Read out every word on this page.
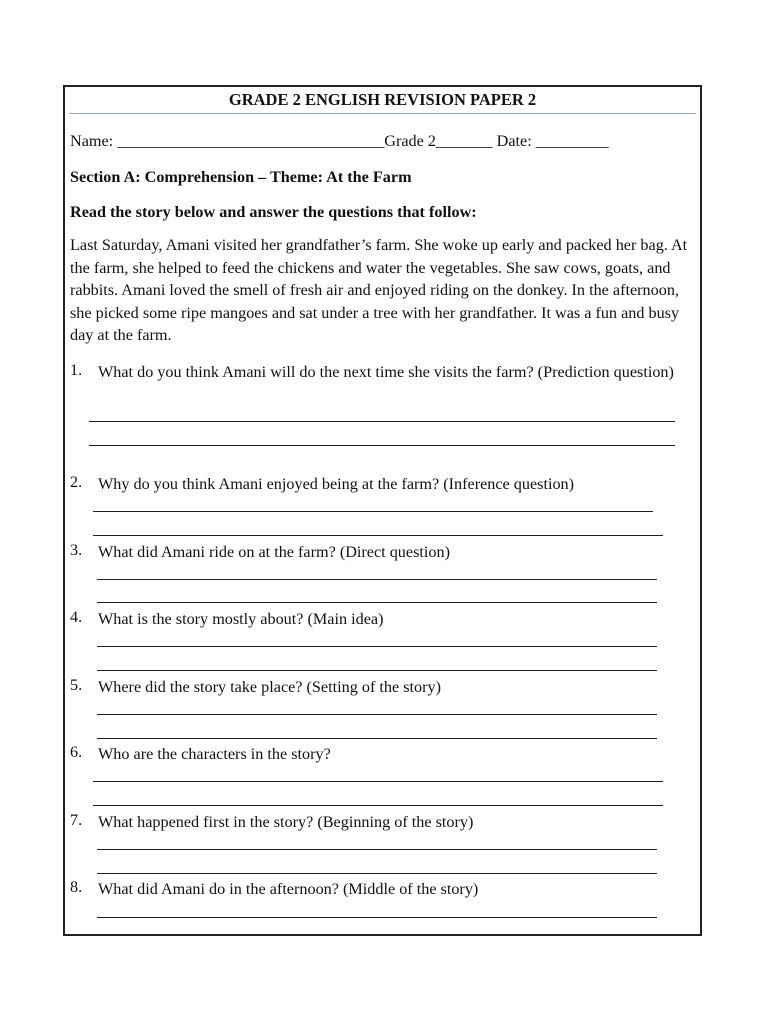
GRADE 2 ENGLISH REVISION PAPER 2
Name: _________________________________Grade 2_______ Date: _________
Section A: Comprehension – Theme: At the Farm
Read the story below and answer the questions that follow:
Last Saturday, Amani visited her grandfather’s farm. She woke up early and packed her bag. At the farm, she helped to feed the chickens and water the vegetables. She saw cows, goats, and rabbits. Amani loved the smell of fresh air and enjoyed riding on the donkey. In the afternoon, she picked some ripe mangoes and sat under a tree with her grandfather. It was a fun and busy day at the farm.
1. What do you think Amani will do the next time she visits the farm? (Prediction question)
2. Why do you think Amani enjoyed being at the farm? (Inference question)
3. What did Amani ride on at the farm? (Direct question)
4. What is the story mostly about? (Main idea)
5. Where did the story take place? (Setting of the story)
6. Who are the characters in the story?
7. What happened first in the story? (Beginning of the story)
8. What did Amani do in the afternoon? (Middle of the story)
